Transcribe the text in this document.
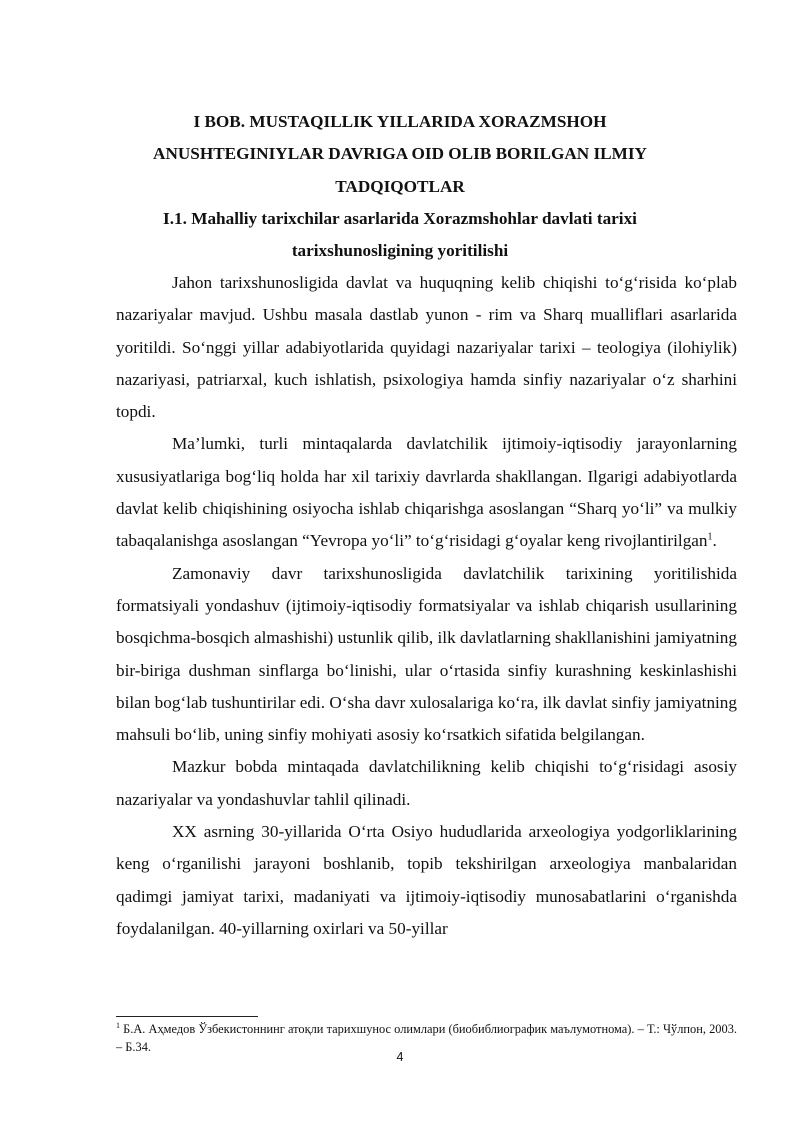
I BOB. MUSTAQILLIK YILLARIDA XORAZMSHOH ANUSHTEGINIYLAR DAVRIGA OID OLIB BORILGAN ILMIY TADQIQOTLAR
I.1. Mahalliy tarixchilar asarlarida Xorazmshohlar davlati tarixi tarixshunosligining yoritilishi

Jahon tarixshunosligida davlat va huquqning kelib chiqishi to‘g‘risida ko‘plab nazariyalar mavjud. Ushbu masala dastlab yunon - rim va Sharq mualliflari asarlarida yoritildi. So‘nggi yillar adabiyotlarida quyidagi nazariyalar tarixi – teologiya (ilohiylik) nazariyasi, patriarxal, kuch ishlatish, psixologiya hamda sinfiy nazariyalar o‘z sharhini topdi.

Ma’lumki, turli mintaqalarda davlatchilik ijtimoiy-iqtisodiy jarayonlarning xususiyatlariga bog‘liq holda har xil tarixiy davrlarda shakllangan. Ilgarigi adabiyotlarda davlat kelib chiqishining osiyocha ishlab chiqarishga asoslangan “Sharq yo‘li” va mulkiy tabaqalanishga asoslangan “Yevropa yo‘li” to‘g‘risidagi g‘oyalar keng rivojlantirilgan$^1$.

Zamonaviy davr tarixshunosligida davlatchilik tarixining yoritilishida formatsiyali yondashuv (ijtimoiy-iqtisodiy formatsiyalar va ishlab chiqarish usullarining bosqichma-bosqich almashishi) ustunlik qilib, ilk davlatlarning shakllanishini jamiyatning bir-biriga dushman sinflarga bo‘linishi, ular o‘rtasida sinfiy kurashning keskinlashishi bilan bog‘lab tushuntirilar edi. O‘sha davr xulosalariga ko‘ra, ilk davlat sinfiy jamiyatning mahsuli bo‘lib, uning sinfiy mohiyati asosiy ko‘rsatkich sifatida belgilangan.

Mazkur bobda mintaqada davlatchilikning kelib chiqishi to‘g‘risidagi asosiy nazariyalar va yondashuvlar tahlil qilinadi.

XX asrning 30-yillarida O‘rta Osiyo hududlarida arxeologiya yodgorliklarining keng o‘rganilishi jarayoni boshlanib, topib tekshirilgan arxeologiya manbalaridan qadimgi jamiyat tarixi, madaniyati va ijtimoiy-iqtisodiy munosabatlarini o‘rganishda foydalanilgan. 40-yillarning oxirlari va 50-yillar

$^1$ Б.А. Аҳмедов Ўзбекистоннинг атоқли тарихшунос олимлари (биобиблиографик маълумотнома). – Т.: Чўлпон, 2003. – Б.34.
4
